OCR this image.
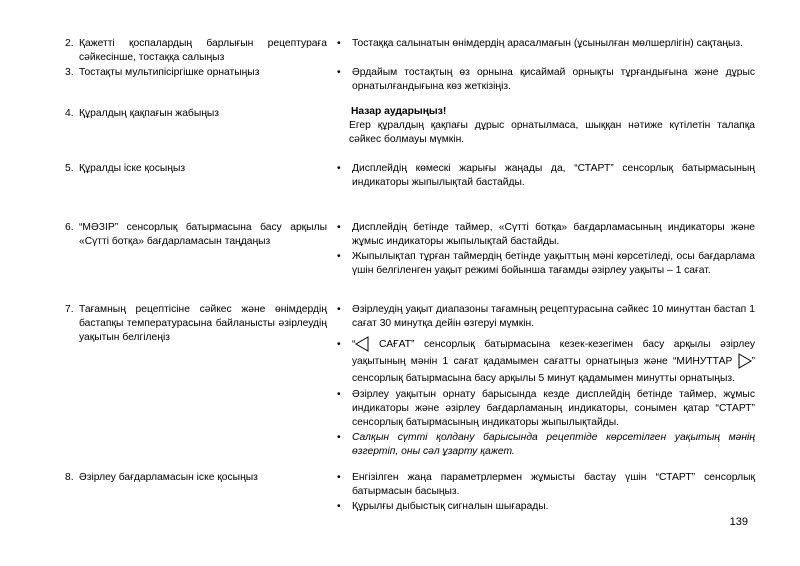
2. Қажетті қоспалардың барлығын рецептураға сәйкесінше, тостаққа салыңыз
3. Тостақты мультипісіргішке орнатыңыз
4. Құралдың қақпағын жабыңыз
5. Құралды іске қосыңыз
6. “МӘЗІР” сенсорлық батырмасына басу арқылы «Сүтті ботқа» бағдарламасын таңдаңыз
7. Тағамның рецептісіне сәйкес және өнімдердің бастапқы температурасына байланысты әзірлеудің уақытын белгілеңіз
8. Әзірлеу бағдарламасын іске қосыңыз
• Тостаққа салынатын өнімдердің арасалмағын (ұсынылған мөлшерлігін) сақтаңыз.
• Әрдайым тостақтың өз орнына қисаймай орнықты тұрғандығына және дұрыс орнатылғандығына көз жеткізіңіз.
Назар аударыңыз!
Егер құралдың қақпағы дұрыс орнатылмаса, шыққан нәтиже күтілетін талапқа сәйкес болмауы мүмкін.
• Дисплейдің көмескі жарығы жаңады да, “СТАРТ” сенсорлық батырмасының индикаторы жыпылықтай бастайды.
• Дисплейдің бетінде таймер, «Сүтті ботқа» бағдарламасының индикаторы және жұмыс индикаторы жыпылықтай бастайды.
• Жыпылықтап тұрған таймердің бетінде уақыттың мәні көрсетіледі, осы бағдарлама үшін белгіленген уақыт режимі бойынша тағамды әзірлеу уақыты – 1 сағат.
• Әзірлеудің уақыт диапазоны тағамның рецептурасына сәйкес 10 минуттан бастап 1 сағат 30 минутқа дейін өзгеруі мүмкін.
• “ САҒАТ” сенсорлық батырмасына кезек-кезегімен басу арқылы әзірлеу уақытының мәнін 1 сағат қадамымен сағатты орнатыңыз және “МИНУТТАР ” сенсорлық батырмасына басу арқылы 5 минут қадамымен минутты орнатыңыз.
• Әзірлеу уақытын орнату барысында кезде дисплейдің бетінде таймер, жұмыс индикаторы және әзірлеу бағдарламаның индикаторы, сонымен қатар “СТАРТ” сенсорлық батырмасының индикаторы жыпылықтайды.
• Салқын сүтті қолдану барысында рецептіде көрсетілген уақытың мәнің өзгертіп, оны сәл ұзарту қажет.
• Енгізілген жаңа параметрлермен жұмысты бастау үшін “СТАРТ” сенсорлық батырмасын басыңыз.
• Құрылғы дыбыстық сигналын шығарады.
139
